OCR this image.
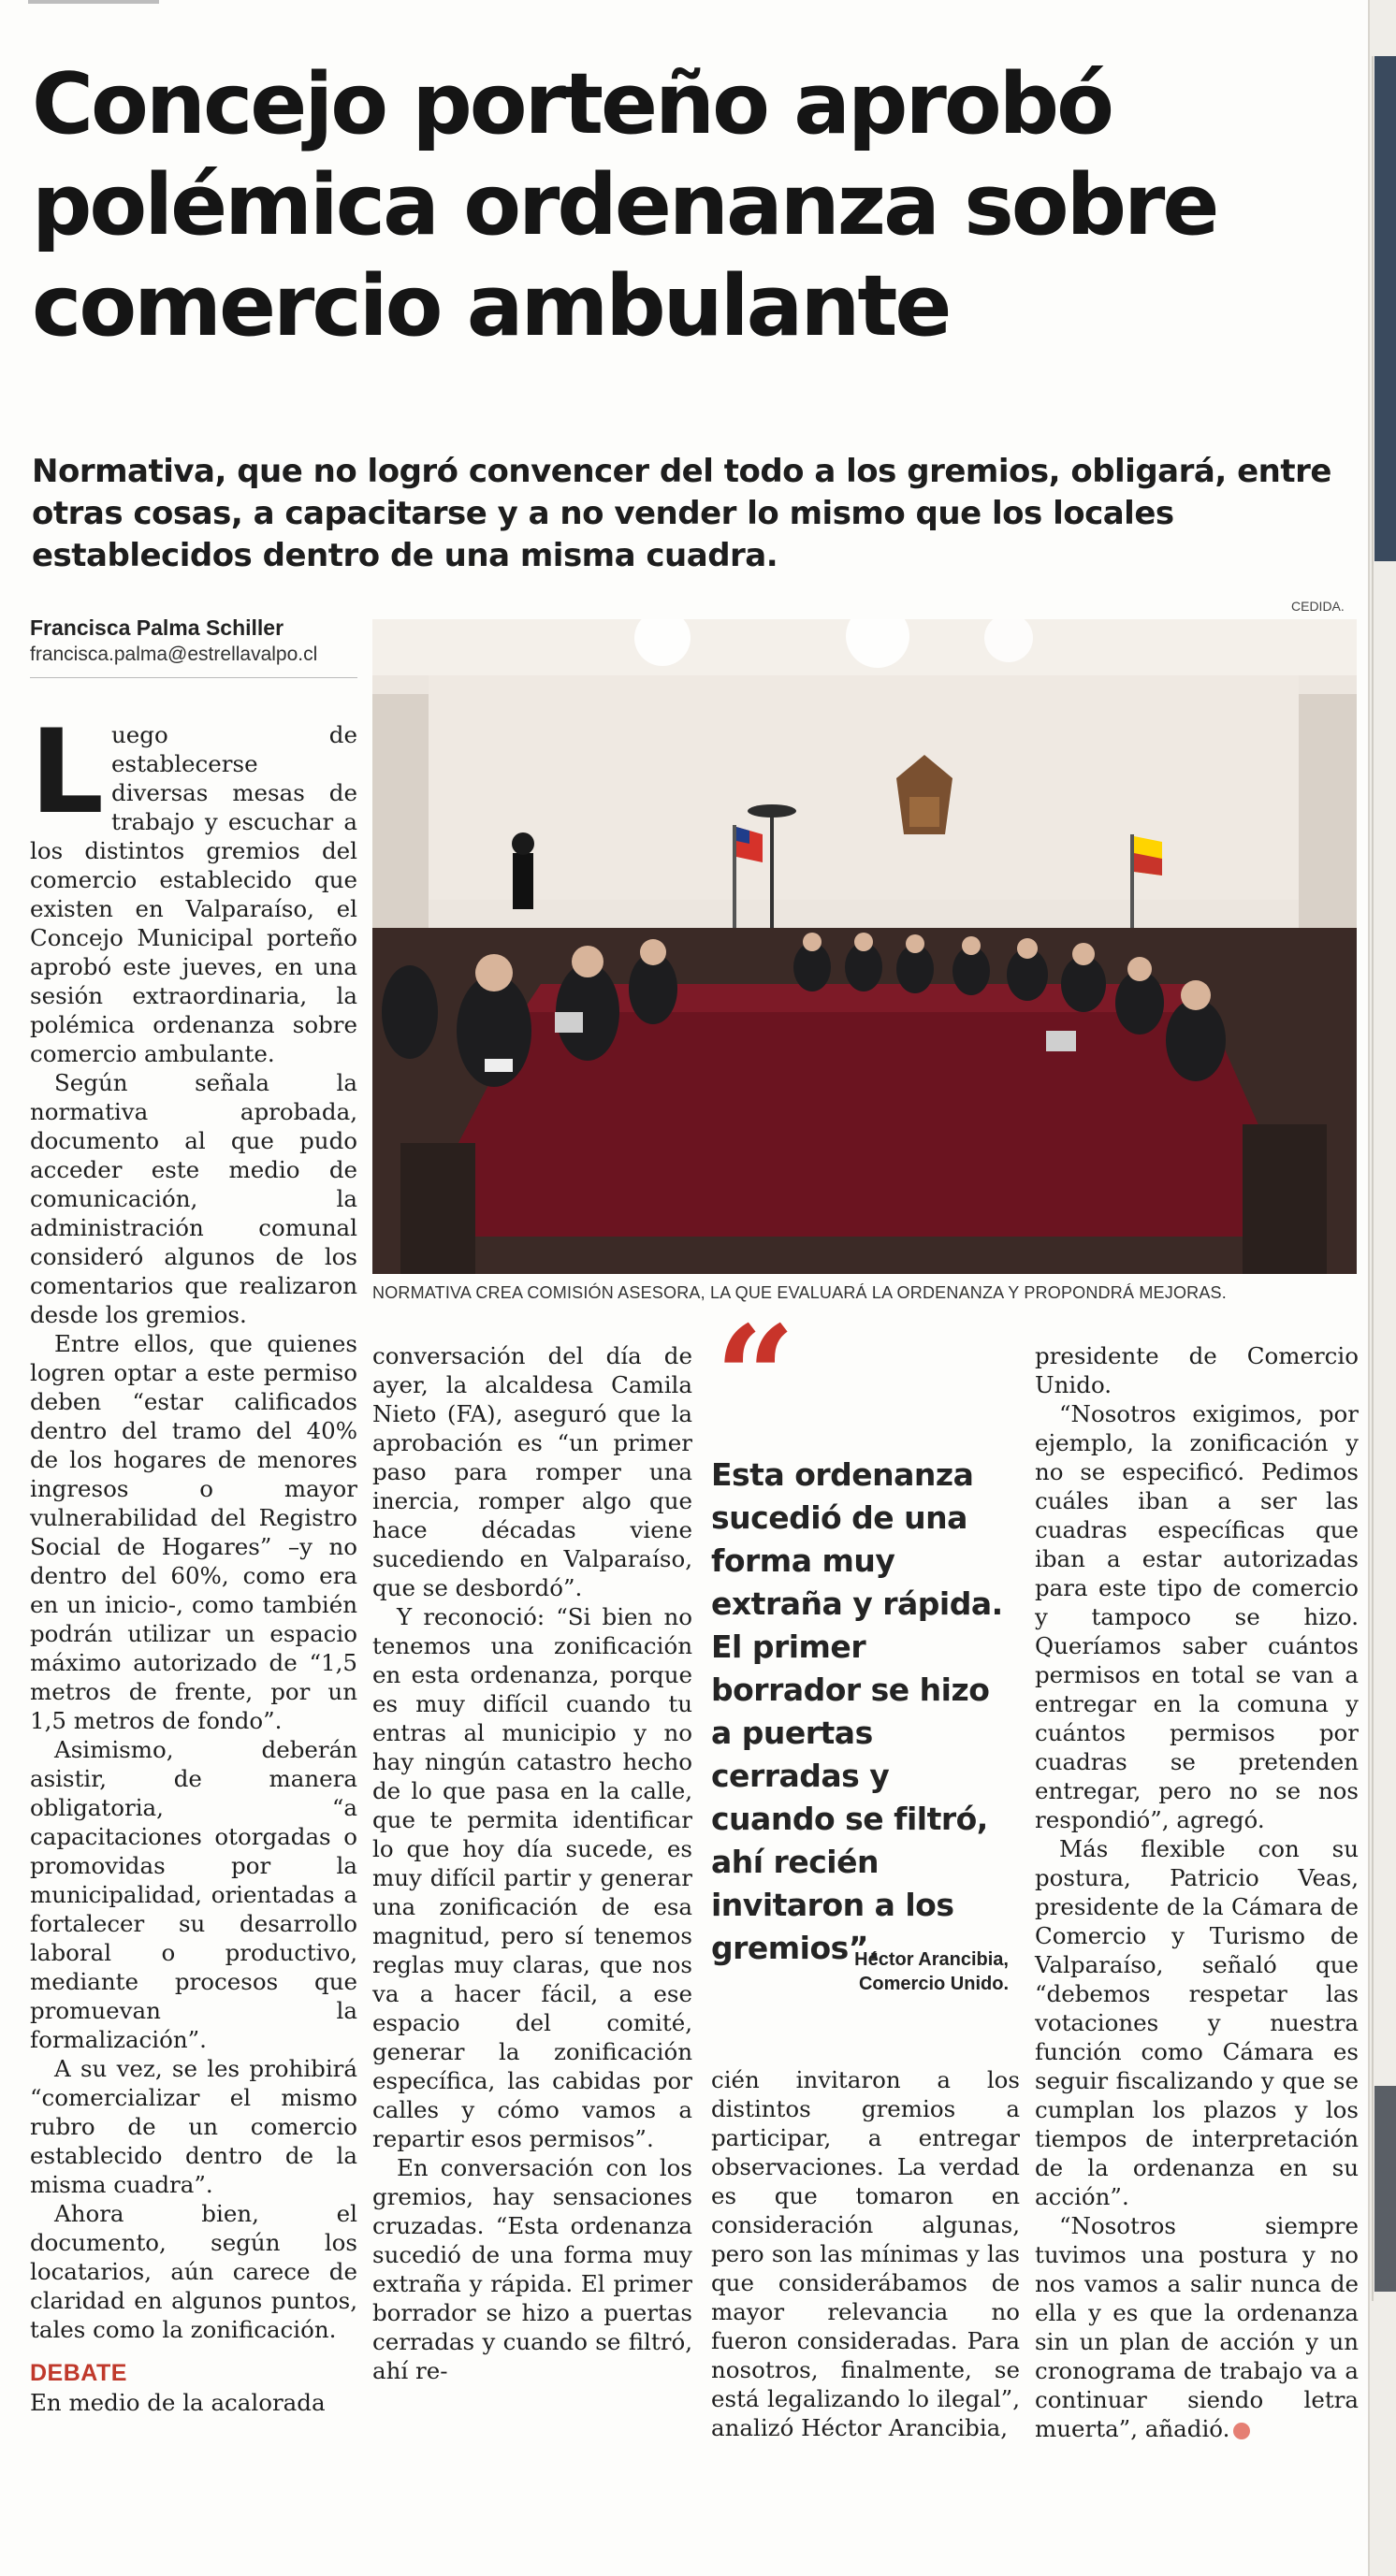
Concejo porteño aprobó polémica ordenanza sobre comercio ambulante

Normativa, que no logró convencer del todo a los gremios, obligará, entre otras cosas, a capacitarse y a no vender lo mismo que los locales establecidos dentro de una misma cuadra.

Francisca Palma Schiller
francisca.palma@estrellavalpo.cl
CEDIDA.
NORMATIVA CREA COMISIÓN ASESORA, LA QUE EVALUARÁ LA ORDENANZA Y PROPONDRÁ MEJORAS.
L uego de establecerse diversas mesas de trabajo y escuchar a los distintos gremios del comercio establecido que existen en Valparaíso, el Concejo Municipal porteño aprobó este jueves, en una sesión extraordinaria, la polémica ordenanza sobre comercio ambulante.

Según señala la normativa aprobada, documento al que pudo acceder este medio de comunicación, la administración comunal consideró algunos de los comentarios que realizaron desde los gremios.

Entre ellos, que quienes logren optar a este permiso deben “estar calificados dentro del tramo del 40% de los hogares de menores ingresos o mayor vulnerabilidad del Registro Social de Hogares” –y no dentro del 60%, como era en un inicio-, como también podrán utilizar un espacio máximo autorizado de “1,5 metros de frente, por un 1,5 metros de fondo”.

Asimismo, deberán asistir, de manera obligatoria, “a capacitaciones otorgadas o promovidas por la municipalidad, orientadas a fortalecer su desarrollo laboral o productivo, mediante procesos que promuevan la formalización”.

A su vez, se les prohibirá “comercializar el mismo rubro de un comercio establecido dentro de la misma cuadra”.

Ahora bien, el documento, según los locatarios, aún carece de claridad en algunos puntos, tales como la zonificación.

DEBATE

En medio de la acalorada

conversación del día de ayer, la alcaldesa Camila Nieto (FA), aseguró que la aprobación es “un primer paso para romper una inercia, romper algo que hace décadas viene sucediendo en Valparaíso, que se desbordó”.

Y reconoció: “Si bien no tenemos una zonificación en esta ordenanza, porque es muy difícil cuando tu entras al municipio y no hay ningún catastro hecho de lo que pasa en la calle, que te permita identificar lo que hoy día sucede, es muy difícil partir y generar una zonificación de esa magnitud, pero sí tenemos reglas muy claras, que nos va a hacer fácil, a ese espacio del comité, generar la zonificación específica, las cabidas por calles y cómo vamos a repartir esos permisos”.

En conversación con los gremios, hay sensaciones cruzadas. “Esta ordenanza sucedió de una forma muy extraña y rápida. El primer borrador se hizo a puertas cerradas y cuando se filtró, ahí re-

“

Esta ordenanza sucedió de una forma muy extraña y rápida. El primer borrador se hizo a puertas cerradas y cuando se filtró, ahí recién invitaron a los gremios”.

Héctor Arancibia,
Comercio Unido.

cién invitaron a los distintos gremios a participar, a entregar observaciones. La verdad es que tomaron en consideración algunas, pero son las mínimas y las que considerábamos de mayor relevancia no fueron consideradas. Para nosotros, finalmente, se está legalizando lo ilegal”, analizó Héctor Arancibia,

presidente de Comercio Unido.

“Nosotros exigimos, por ejemplo, la zonificación y no se especificó. Pedimos cuáles iban a ser las cuadras específicas que iban a estar autorizadas para este tipo de comercio y tampoco se hizo. Queríamos saber cuántos permisos en total se van a entregar en la comuna y cuántos permisos por cuadras se pretenden entregar, pero no se nos respondió”, agregó.

Más flexible con su postura, Patricio Veas, presidente de la Cámara de Comercio y Turismo de Valparaíso, señaló que “debemos respetar las votaciones y nuestra función como Cámara es seguir fiscalizando y que se cumplan los plazos y los tiempos de interpretación de la ordenanza en su acción”.

“Nosotros siempre tuvimos una postura y no nos vamos a salir nunca de ella y es que la ordenanza sin un plan de acción y un cronograma de trabajo va a continuar siendo letra muerta”, añadió.
